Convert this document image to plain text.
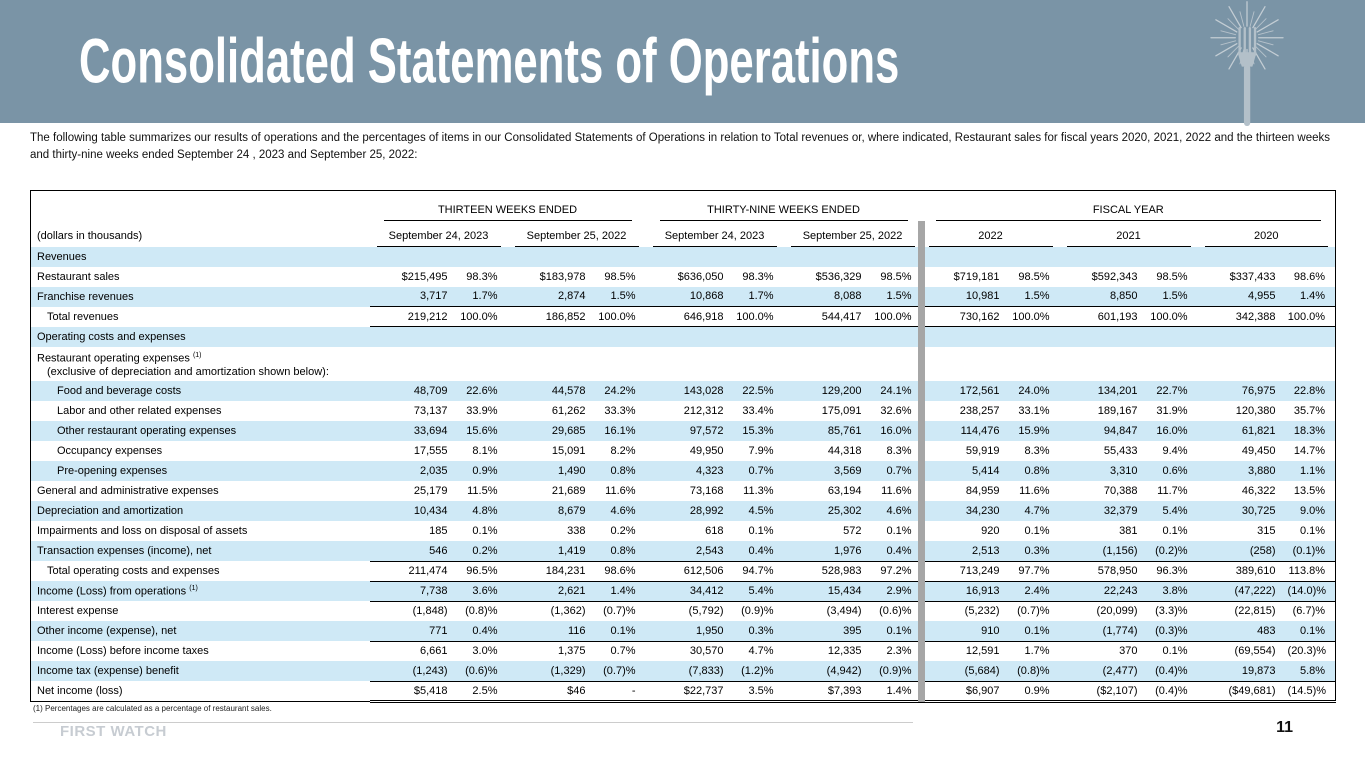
Consolidated Statements of Operations

The following table summarizes our results of operations and the percentages of items in our Consolidated Statements of Operations in relation to Total revenues or, where indicated, Restaurant sales for fiscal years 2020, 2021, 2022 and the thirteen weeks and thirty-nine weeks ended September 24 , 2023 and September 25, 2022:

	THIRTEEN WEEKS ENDED				THIRTY-NINE WEEKS ENDED				FISCAL YEAR					

(dollars in thousands)	September 24, 2023		September 25, 2022		September 24, 2023		September 25, 2022		2022		2021		2020	

Revenues														
Restaurant sales	$215,495	98.3%	$183,978	98.5%	$636,050	98.3%	$536,329	98.5%	$719,181	98.5%	$592,343	98.5%	$337,433	98.6%
Franchise revenues	3,717	1.7%	2,874	1.5%	10,868	1.7%	8,088	1.5%	10,981	1.5%	8,850	1.5%	4,955	1.4%
Total revenues	219,212	100.0%	186,852	100.0%	646,918	100.0%	544,417	100.0%	730,162	100.0%	601,193	100.0%	342,388	100.0%
Operating costs and expenses														

Restaurant operating expenses $^{(1)}$
(exclusive of depreciation and amortization shown below):														

Food and beverage costs	48,709	22.6%	44,578	24.2%	143,028	22.5%	129,200	24.1%	172,561	24.0%	134,201	22.7%	76,975	22.8%
Labor and other related expenses	73,137	33.9%	61,262	33.3%	212,312	33.4%	175,091	32.6%	238,257	33.1%	189,167	31.9%	120,380	35.7%
Other restaurant operating expenses	33,694	15.6%	29,685	16.1%	97,572	15.3%	85,761	16.0%	114,476	15.9%	94,847	16.0%	61,821	18.3%
Occupancy expenses	17,555	8.1%	15,091	8.2%	49,950	7.9%	44,318	8.3%	59,919	8.3%	55,433	9.4%	49,450	14.7%
Pre-opening expenses	2,035	0.9%	1,490	0.8%	4,323	0.7%	3,569	0.7%	5,414	0.8%	3,310	0.6%	3,880	1.1%
General and administrative expenses	25,179	11.5%	21,689	11.6%	73,168	11.3%	63,194	11.6%	84,959	11.6%	70,388	11.7%	46,322	13.5%
Depreciation and amortization	10,434	4.8%	8,679	4.6%	28,992	4.5%	25,302	4.6%	34,230	4.7%	32,379	5.4%	30,725	9.0%
Impairments and loss on disposal of assets	185	0.1%	338	0.2%	618	0.1%	572	0.1%	920	0.1%	381	0.1%	315	0.1%
Transaction expenses (income), net	546	0.2%	1,419	0.8%	2,543	0.4%	1,976	0.4%	2,513	0.3%	(1,156)	(0.2)%	(258)	(0.1)%
Total operating costs and expenses	211,474	96.5%	184,231	98.6%	612,506	94.7%	528,983	97.2%	713,249	97.7%	578,950	96.3%	389,610	113.8%
Income (Loss) from operations $^{(1)}$	7,738	3.6%	2,621	1.4%	34,412	5.4%	15,434	2.9%	16,913	2.4%	22,243	3.8%	(47,222)	(14.0)%
Interest expense	(1,848)	(0.8)%	(1,362)	(0.7)%	(5,792)	(0.9)%	(3,494)	(0.6)%	(5,232)	(0.7)%	(20,099)	(3.3)%	(22,815)	(6.7)%
Other income (expense), net	771	0.4%	116	0.1%	1,950	0.3%	395	0.1%	910	0.1%	(1,774)	(0.3)%	483	0.1%
Income (Loss) before income taxes	6,661	3.0%	1,375	0.7%	30,570	4.7%	12,335	2.3%	12,591	1.7%	370	0.1%	(69,554)	(20.3)%
Income tax (expense) benefit	(1,243)	(0.6)%	(1,329)	(0.7)%	(7,833)	(1.2)%	(4,942)	(0.9)%	(5,684)	(0.8)%	(2,477)	(0.4)%	19,873	5.8%
Net income (loss)	$5,418	2.5%	$46	-	$22,737	3.5%	$7,393	1.4%	$6,907	0.9%	($2,107)	(0.4)%	($49,681)	(14.5)%

(1) Percentages are calculated as a percentage of restaurant sales.

FIRST WATCH	11
